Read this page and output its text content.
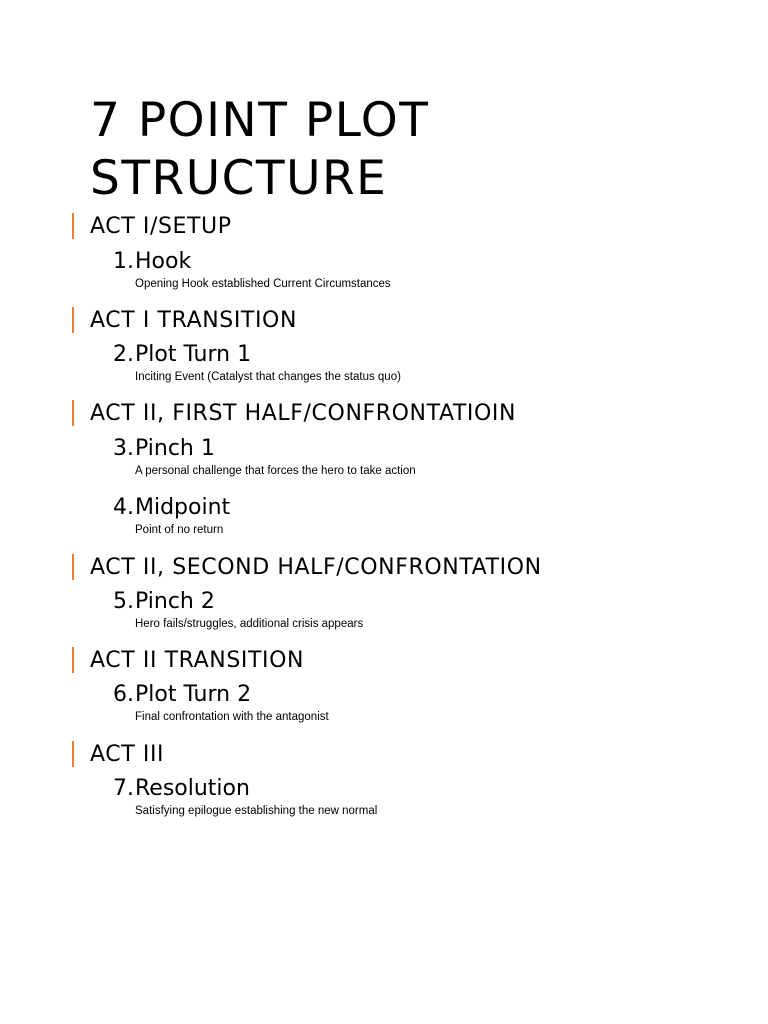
7 POINT PLOT
STRUCTURE
ACT I/SETUP
1. Hook
Opening Hook established Current Circumstances
ACT I TRANSITION
2. Plot Turn 1
Inciting Event (Catalyst that changes the status quo)
ACT II, FIRST HALF/CONFRONTATIOIN
3. Pinch 1
A personal challenge that forces the hero to take action
4. Midpoint
Point of no return
ACT II, SECOND HALF/CONFRONTATION
5. Pinch 2
Hero fails/struggles, additional crisis appears
ACT II TRANSITION
6. Plot Turn 2
Final confrontation with the antagonist
ACT III
7. Resolution
Satisfying epilogue establishing the new normal
